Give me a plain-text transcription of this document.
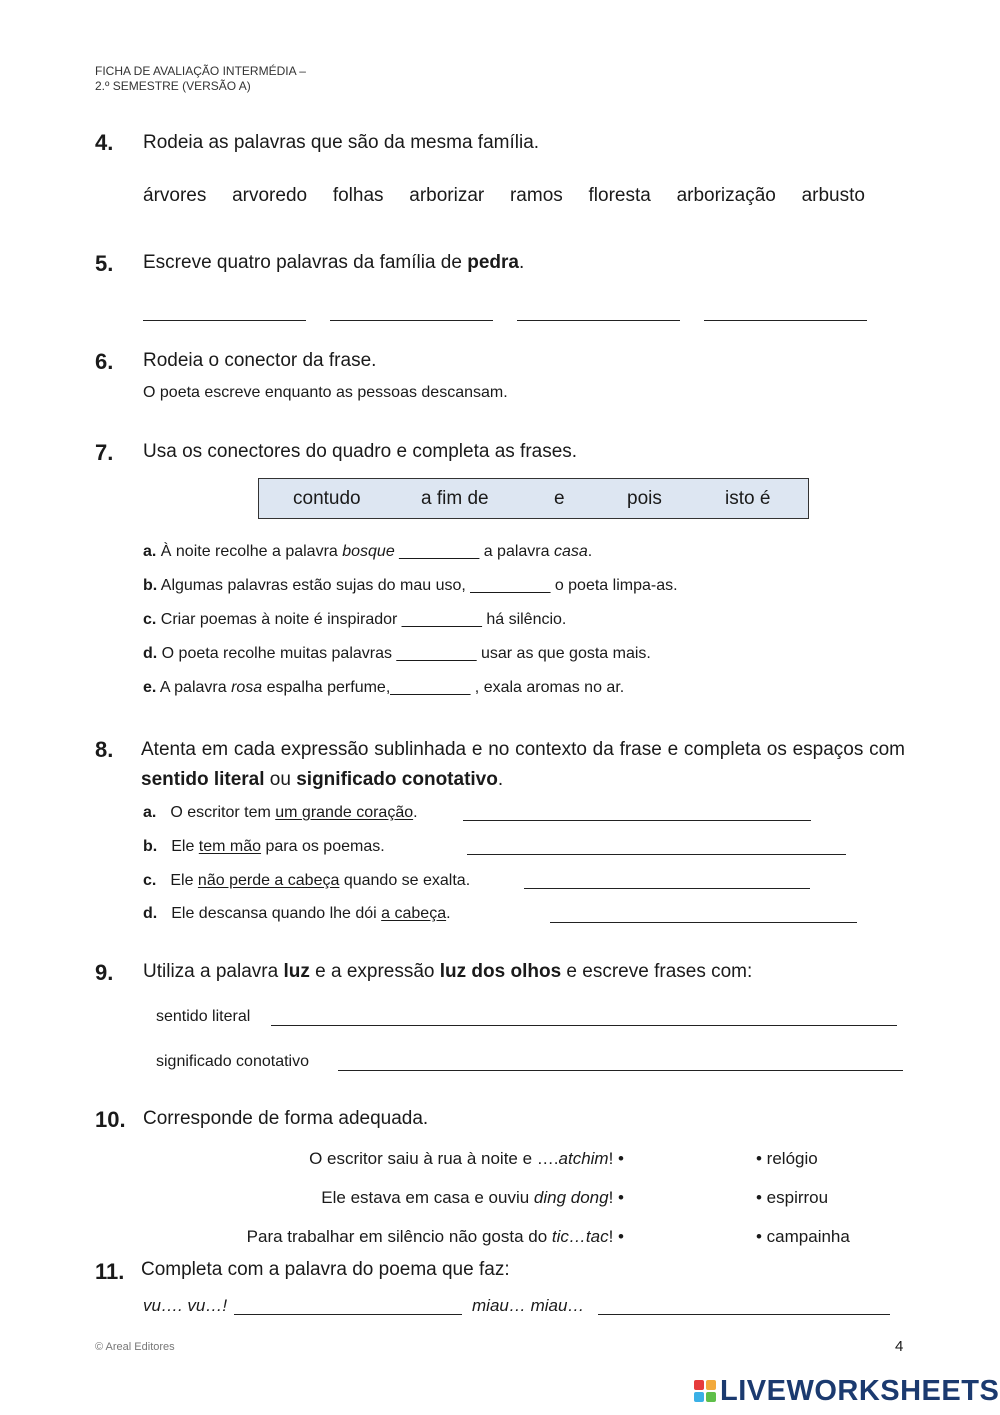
FICHA DE AVALIAÇÃO INTERMÉDIA –
2.º SEMESTRE (VERSÃO A)
4. Rodeia as palavras que são da mesma família.
árvores arvoredo folhas arborizar ramos floresta arborização arbusto
5. Escreve quatro palavras da família de pedra.
6. Rodeia o conector da frase.
O poeta escreve enquanto as pessoas descansam.
7. Usa os conectores do quadro e completa as frases.
contudo	a fim de	e	pois	isto é
a. À noite recolhe a palavra bosque _________ a palavra casa.
b. Algumas palavras estão sujas do mau uso, _________ o poeta limpa-as.
c. Criar poemas à noite é inspirador _________ há silêncio.
d. O poeta recolhe muitas palavras _________ usar as que gosta mais.
e. A palavra rosa espalha perfume,_________ , exala aromas no ar.
8. Atenta em cada expressão sublinhada e no contexto da frase e completa os espaços com sentido literal ou significado conotativo.
a. O escritor tem um grande coração.
b. Ele tem mão para os poemas.
c. Ele não perde a cabeça quando se exalta.
d. Ele descansa quando lhe dói a cabeça.
9. Utiliza a palavra luz e a expressão luz dos olhos e escreve frases com:
sentido literal
significado conotativo
10. Corresponde de forma adequada.
O escritor saiu à rua à noite e ….atchim! •
Ele estava em casa e ouviu ding dong! •
Para trabalhar em silêncio não gosta do tic…tac! •
• relógio
• espirrou
• campainha
11. Completa com a palavra do poema que faz:
vu…. vu…!	miau… miau…
© Areal Editores	4
LIVEWORKSHEETS
